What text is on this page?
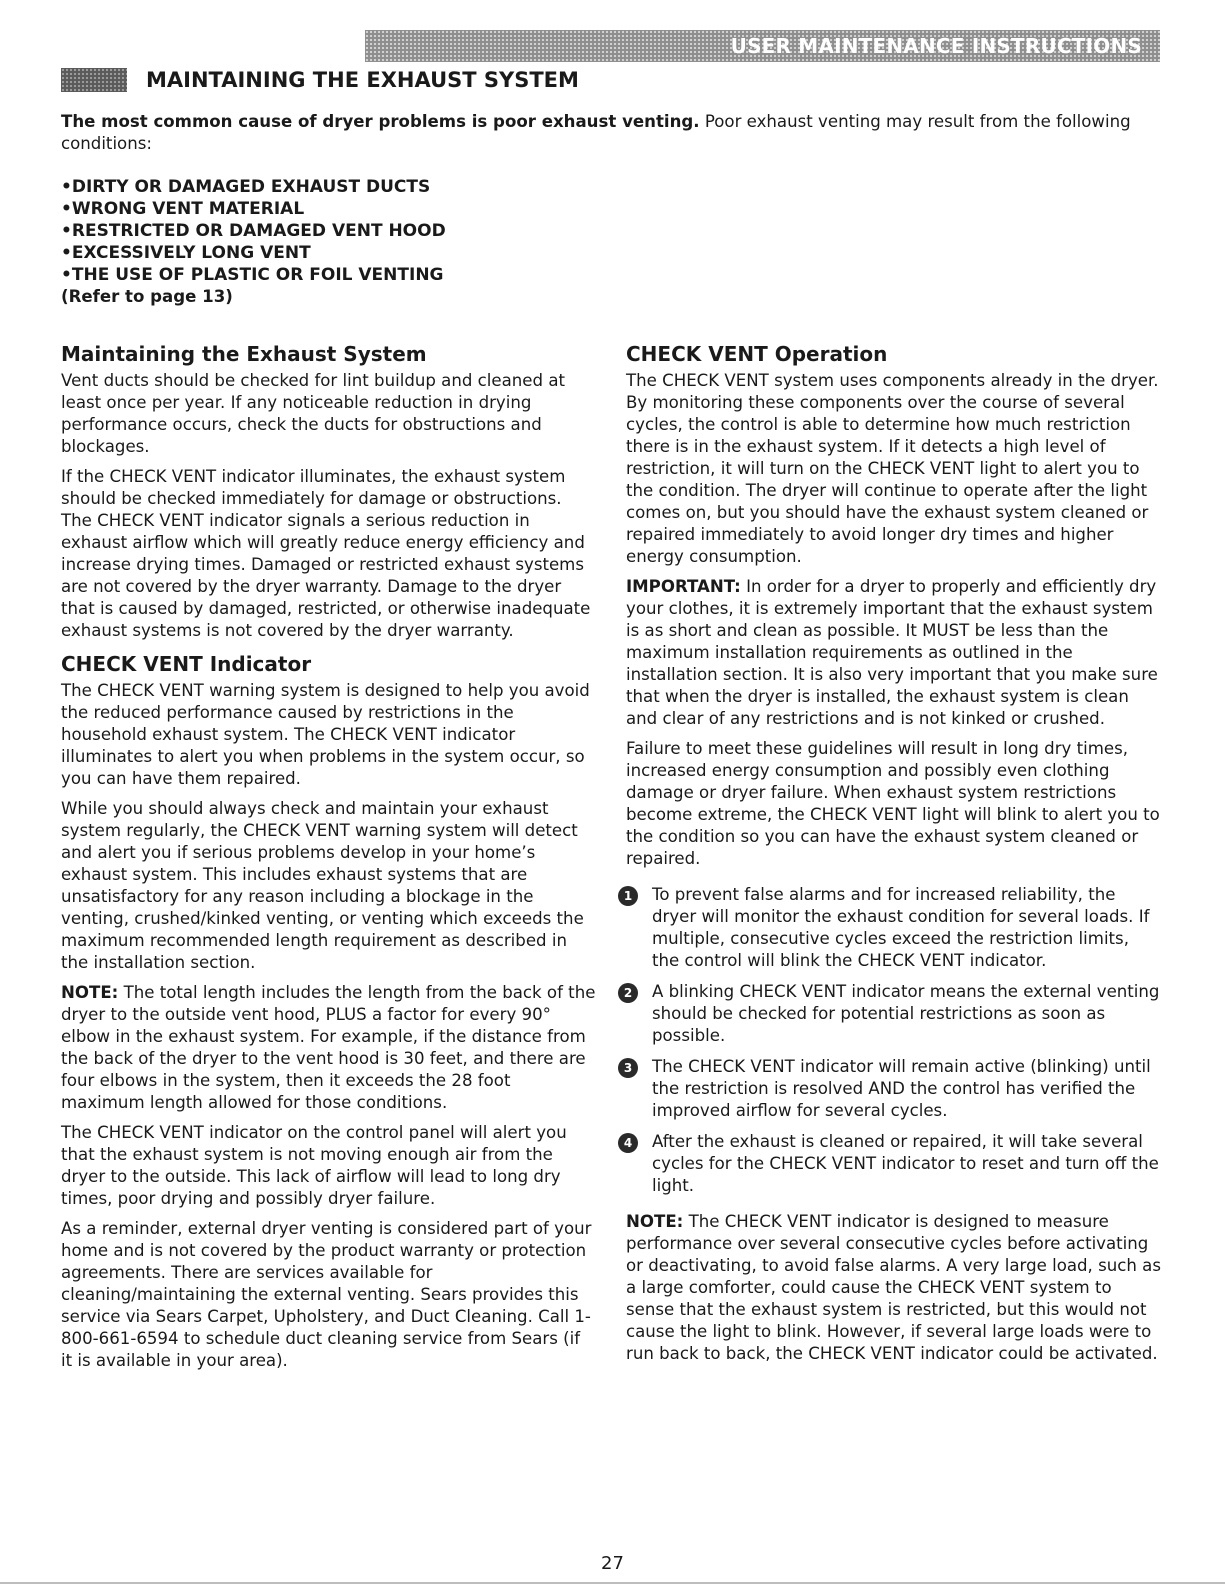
USER MAINTENANCE INSTRUCTIONS
MAINTAINING THE EXHAUST SYSTEM

The most common cause of dryer problems is poor exhaust venting. Poor exhaust venting may result from the following conditions:

• DIRTY OR DAMAGED EXHAUST DUCTS
• WRONG VENT MATERIAL
• RESTRICTED OR DAMAGED VENT HOOD
• EXCESSIVELY LONG VENT
• THE USE OF PLASTIC OR FOIL VENTING

(Refer to page 13)

Maintaining the Exhaust System

Vent ducts should be checked for lint buildup and cleaned at least once per year. If any noticeable reduction in drying performance occurs, check the ducts for obstructions and blockages.

If the CHECK VENT indicator illuminates, the exhaust system should be checked immediately for damage or obstructions. The CHECK VENT indicator signals a serious reduction in exhaust airflow which will greatly reduce energy efficiency and increase drying times. Damaged or restricted exhaust systems are not covered by the dryer warranty. Damage to the dryer that is caused by damaged, restricted, or otherwise inadequate exhaust systems is not covered by the dryer warranty.

CHECK VENT Indicator

The CHECK VENT warning system is designed to help you avoid the reduced performance caused by restrictions in the household exhaust system. The CHECK VENT indicator illuminates to alert you when problems in the system occur, so you can have them repaired.

While you should always check and maintain your exhaust system regularly, the CHECK VENT warning system will detect and alert you if serious problems develop in your home’s exhaust system. This includes exhaust systems that are unsatisfactory for any reason including a blockage in the venting, crushed/kinked venting, or venting which exceeds the maximum recommended length requirement as described in the installation section.

NOTE: The total length includes the length from the back of the dryer to the outside vent hood, PLUS a factor for every 90° elbow in the exhaust system. For example, if the distance from the back of the dryer to the vent hood is 30 feet, and there are four elbows in the system, then it exceeds the 28 foot maximum length allowed for those conditions.

The CHECK VENT indicator on the control panel will alert you that the exhaust system is not moving enough air from the dryer to the outside. This lack of airflow will lead to long dry times, poor drying and possibly dryer failure.

As a reminder, external dryer venting is considered part of your home and is not covered by the product warranty or protection agreements. There are services available for cleaning/maintaining the external venting. Sears provides this service via Sears Carpet, Upholstery, and Duct Cleaning. Call 1-800-661-6594 to schedule duct cleaning service from Sears (if it is available in your area).

CHECK VENT Operation

The CHECK VENT system uses components already in the dryer. By monitoring these components over the course of several cycles, the control is able to determine how much restriction there is in the exhaust system. If it detects a high level of restriction, it will turn on the CHECK VENT light to alert you to the condition. The dryer will continue to operate after the light comes on, but you should have the exhaust system cleaned or repaired immediately to avoid longer dry times and higher energy consumption.

IMPORTANT: In order for a dryer to properly and efficiently dry your clothes, it is extremely important that the exhaust system is as short and clean as possible. It MUST be less than the maximum installation requirements as outlined in the installation section. It is also very important that you make sure that when the dryer is installed, the exhaust system is clean and clear of any restrictions and is not kinked or crushed.

Failure to meet these guidelines will result in long dry times, increased energy consumption and possibly even clothing damage or dryer failure. When exhaust system restrictions become extreme, the CHECK VENT light will blink to alert you to the condition so you can have the exhaust system cleaned or repaired.

1	To prevent false alarms and for increased reliability, the dryer will monitor the exhaust condition for several loads. If multiple, consecutive cycles exceed the restriction limits, the control will blink the CHECK VENT indicator.
2	A blinking CHECK VENT indicator means the external venting should be checked for potential restrictions as soon as possible.
3	The CHECK VENT indicator will remain active (blinking) until the restriction is resolved AND the control has verified the improved airflow for several cycles.
4	After the exhaust is cleaned or repaired, it will take several cycles for the CHECK VENT indicator to reset and turn off the light.

NOTE: The CHECK VENT indicator is designed to measure performance over several consecutive cycles before activating or deactivating, to avoid false alarms. A very large load, such as a large comforter, could cause the CHECK VENT system to sense that the exhaust system is restricted, but this would not cause the light to blink. However, if several large loads were to run back to back, the CHECK VENT indicator could be activated.

27
